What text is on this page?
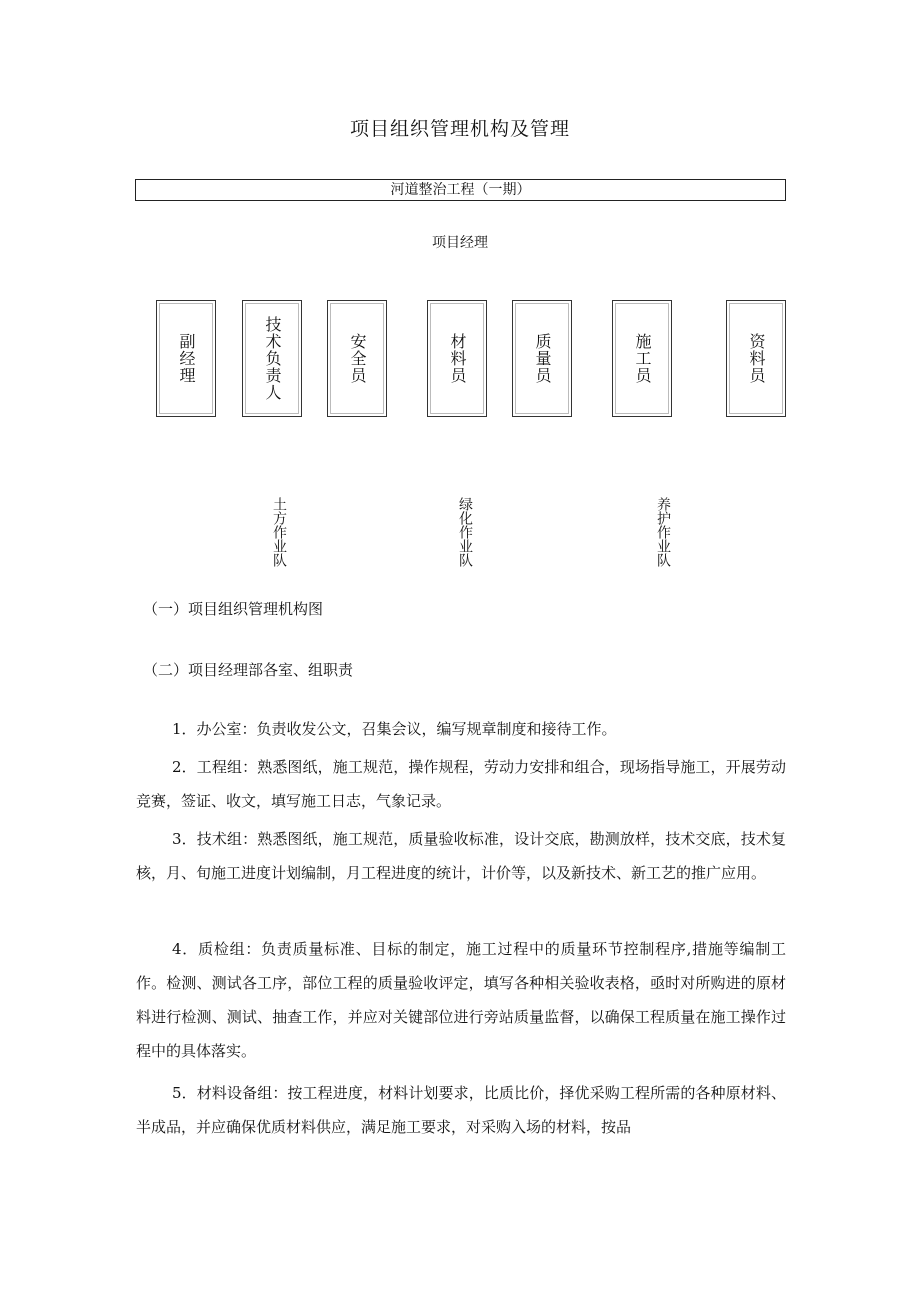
项目组织管理机构及管理
河道整治工程（一期）
项目经理
副经理	技术负责人	安全员	材料员	质量员	施工员	资料员
土方作业队	绿化作业队	养护作业队
（一）项目组织管理机构图
（二）项目经理部各室、组职责
1．办公室：负责收发公文，召集会议，编写规章制度和接待工作。
2．工程组：熟悉图纸，施工规范，操作规程，劳动力安排和组合，现场指导施工，开展劳动竞赛，签证、收文，填写施工日志，气象记录。
3．技术组：熟悉图纸，施工规范，质量验收标准，设计交底，勘测放样，技术交底，技术复核，月、旬施工进度计划编制，月工程进度的统计，计价等，以及新技术、新工艺的推广应用。
4．质检组：负责质量标准、目标的制定，施工过程中的质量环节控制程序,措施等编制工作。检测、测试各工序，部位工程的质量验收评定，填写各种相关验收表格，亟时对所购进的原材料进行检测、测试、抽查工作，并应对关键部位进行旁站质量监督，以确保工程质量在施工操作过程中的具体落实。
5．材料设备组：按工程进度，材料计划要求，比质比价，择优采购工程所需的各种原材料、半成品，并应确保优质材料供应，满足施工要求，对采购入场的材料，按品
